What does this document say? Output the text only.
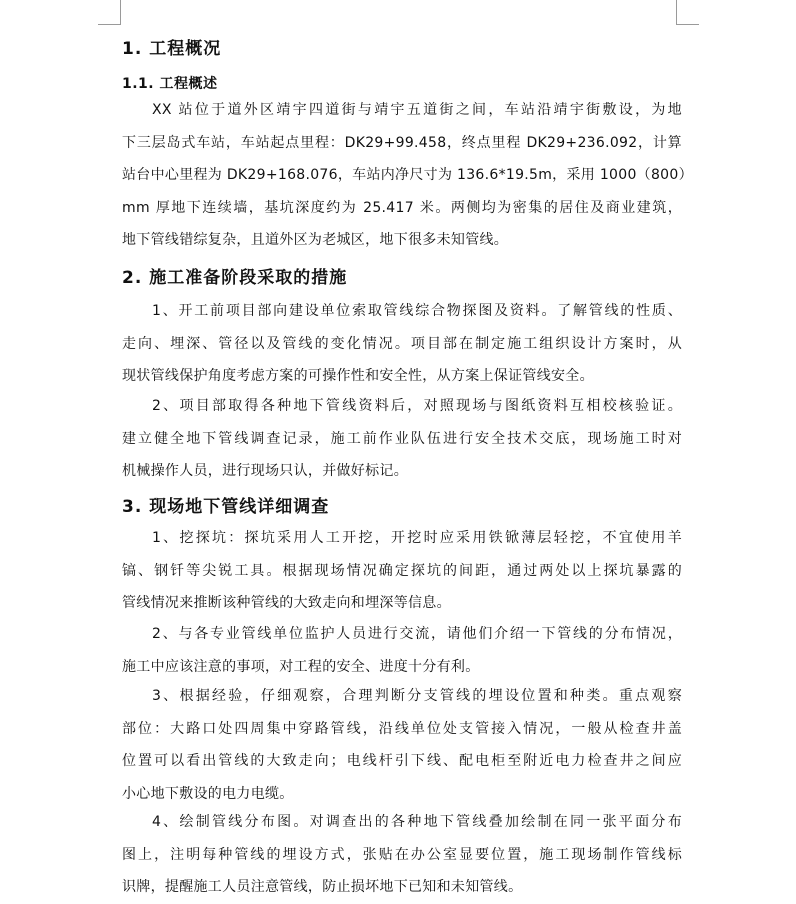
1. 工程概况
1.1. 工程概述
XX 站位于道外区靖宇四道街与靖宇五道街之间，车站沿靖宇街敷设，为地
下三层岛式车站，车站起点里程：DK29+99.458，终点里程 DK29+236.092，计算
站台中心里程为 DK29+168.076，车站内净尺寸为 136.6*19.5m，采用 1000（800）
mm 厚地下连续墙，基坑深度约为 25.417 米。两侧均为密集的居住及商业建筑，
地下管线错综复杂，且道外区为老城区，地下很多未知管线。
2. 施工准备阶段采取的措施
1、开工前项目部向建设单位索取管线综合物探图及资料。了解管线的性质、
走向、埋深、管径以及管线的变化情况。项目部在制定施工组织设计方案时，从
现状管线保护角度考虑方案的可操作性和安全性，从方案上保证管线安全。
2、项目部取得各种地下管线资料后，对照现场与图纸资料互相校核验证。
建立健全地下管线调查记录，施工前作业队伍进行安全技术交底，现场施工时对
机械操作人员，进行现场只认，并做好标记。
3. 现场地下管线详细调查
1、挖探坑：探坑采用人工开挖，开挖时应采用铁锨薄层轻挖，不宜使用羊
镐、钢钎等尖锐工具。根据现场情况确定探坑的间距，通过两处以上探坑暴露的
管线情况来推断该种管线的大致走向和埋深等信息。
2、与各专业管线单位监护人员进行交流，请他们介绍一下管线的分布情况，
施工中应该注意的事项，对工程的安全、进度十分有利。
3、根据经验，仔细观察，合理判断分支管线的埋设位置和种类。重点观察
部位：大路口处四周集中穿路管线，沿线单位处支管接入情况，一般从检查井盖
位置可以看出管线的大致走向；电线杆引下线、配电柜至附近电力检查井之间应
小心地下敷设的电力电缆。
4、绘制管线分布图。对调查出的各种地下管线叠加绘制在同一张平面分布
图上，注明每种管线的埋设方式，张贴在办公室显要位置，施工现场制作管线标
识牌，提醒施工人员注意管线，防止损坏地下已知和未知管线。
